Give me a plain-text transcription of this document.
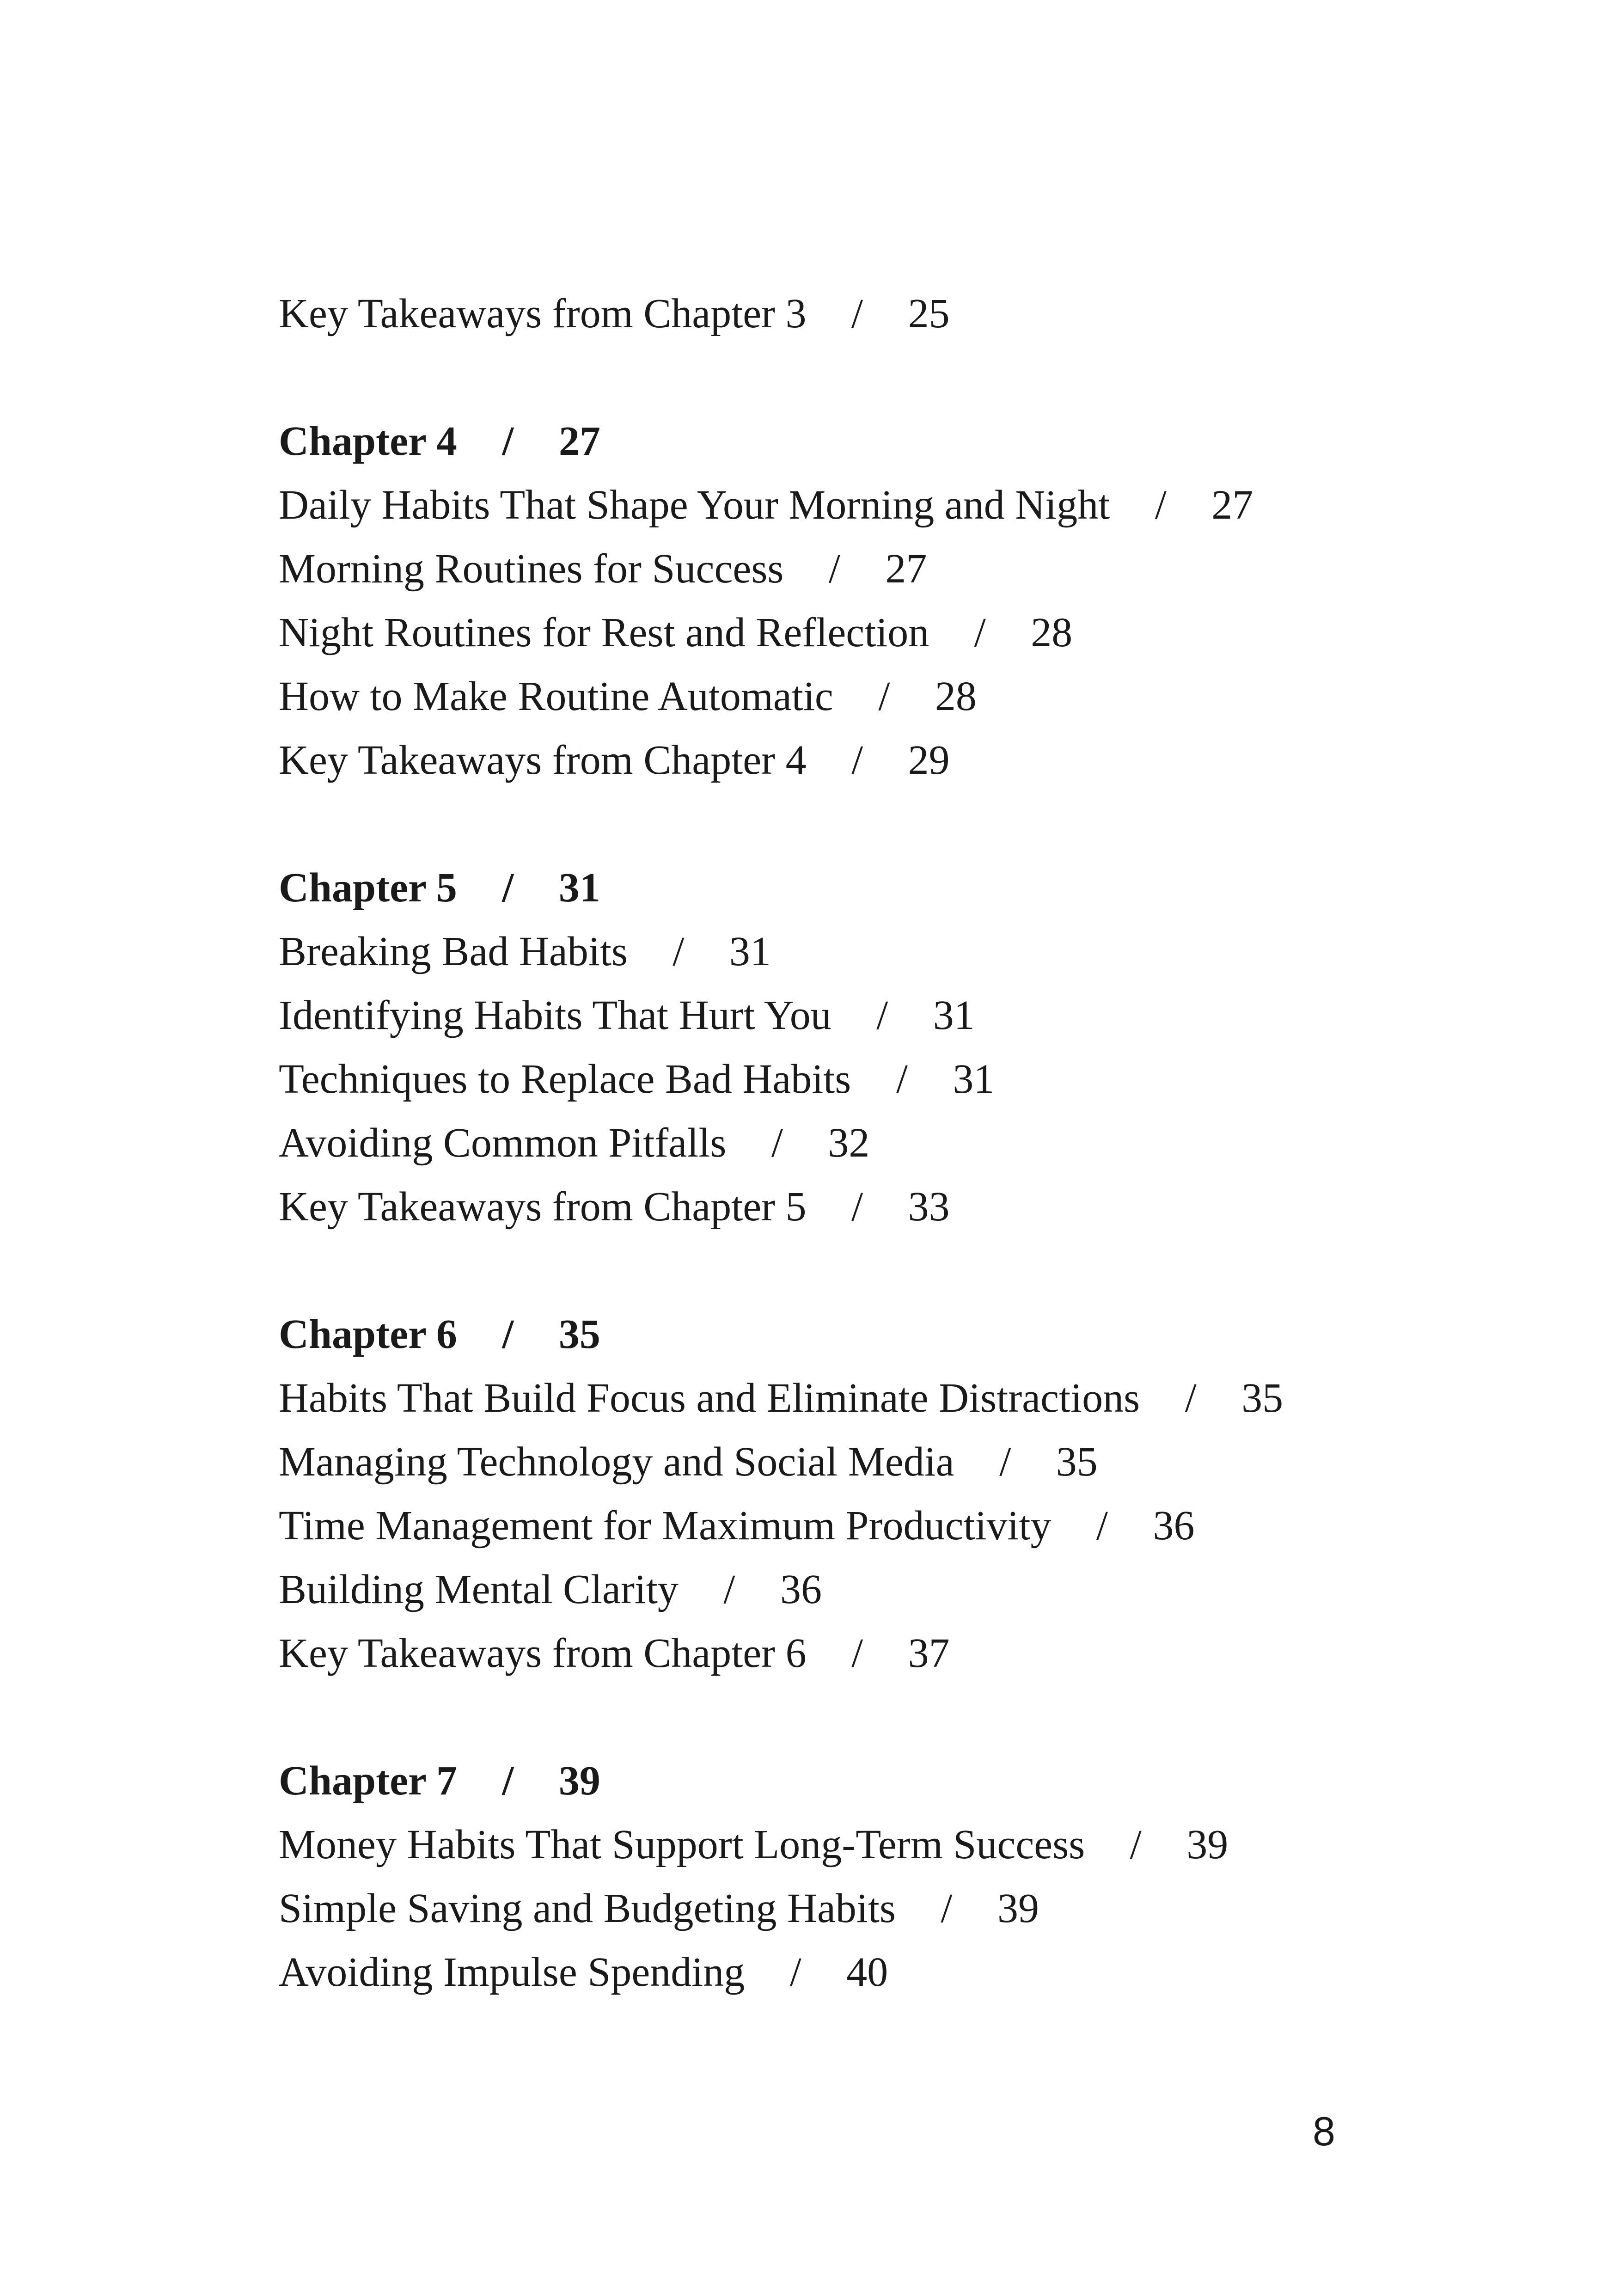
Key Takeaways from Chapter 3 / 25
Chapter 4 / 27
Daily Habits That Shape Your Morning and Night / 27
Morning Routines for Success / 27
Night Routines for Rest and Reflection / 28
How to Make Routine Automatic / 28
Key Takeaways from Chapter 4 / 29
Chapter 5 / 31
Breaking Bad Habits / 31
Identifying Habits That Hurt You / 31
Techniques to Replace Bad Habits / 31
Avoiding Common Pitfalls / 32
Key Takeaways from Chapter 5 / 33
Chapter 6 / 35
Habits That Build Focus and Eliminate Distractions / 35
Managing Technology and Social Media / 35
Time Management for Maximum Productivity / 36
Building Mental Clarity / 36
Key Takeaways from Chapter 6 / 37
Chapter 7 / 39
Money Habits That Support Long-Term Success / 39
Simple Saving and Budgeting Habits / 39
Avoiding Impulse Spending / 40
8
